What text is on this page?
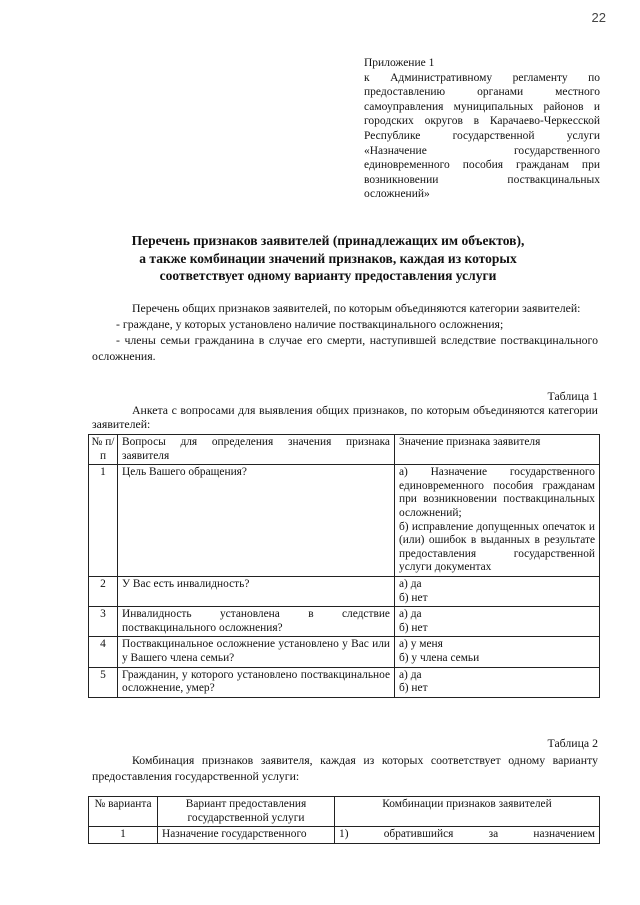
22
Приложение 1
к Административному регламенту по предоставлению органами местного самоуправления муниципальных районов и городских округов в Карачаево-Черкесской Республике государственной услуги «Назначение государственного единовременного пособия гражданам при возникновении поствакцинальных осложнений»
Перечень признаков заявителей (принадлежащих им объектов),
а также комбинации значений признаков, каждая из которых
соответствует одному варианту предоставления услуги

Перечень общих признаков заявителей, по которым объединяются категории заявителей:

- граждане, у которых установлено наличие поствакцинального осложнения;

- члены семьи гражданина в случае его смерти, наступившей вследствие поствакцинального осложнения.

Таблица 1
Анкета с вопросами для выявления общих признаков, по которым объединяются категории заявителей:
№ п/п	Вопросы для определения значения признака заявителя	Значение признака заявителя
1	Цель Вашего обращения?	а) Назначение государственного единовременного пособия гражданам при возникновении поствакцинальных осложнений;
б) исправление допущенных опечаток и (или) ошибок в выданных в результате предоставления государственной услуги документах

2	У Вас есть инвалидность?	а) да
б) нет

3	Инвалидность установлена в следствие поствакцинального осложнения?	а) да
б) нет

4	Поствакцинальное осложнение установлено у Вас или у Вашего члена семьи?	а) у меня
б) у члена семьи

5	Гражданин, у которого установлено поствакцинальное осложнение, умер?	а) да
б) нет
Таблица 2
Комбинация признаков заявителя, каждая из которых соответствует одному варианту предоставления государственной услуги:
№ варианта	Вариант предоставления государственной услуги	Комбинации признаков заявителей
1	Назначение государственного	1) обратившийся за назначением
